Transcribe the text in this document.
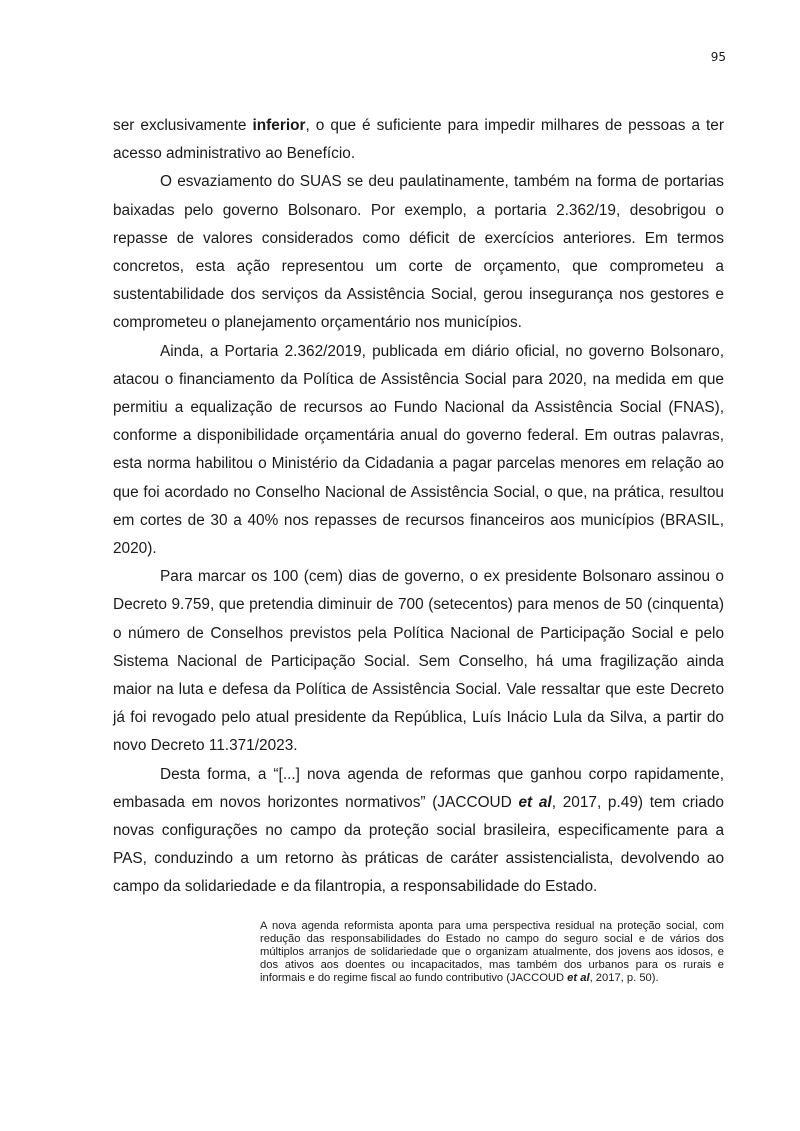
95

ser exclusivamente inferior, o que é suficiente para impedir milhares de pessoas a ter acesso administrativo ao Benefício.

O esvaziamento do SUAS se deu paulatinamente, também na forma de portarias baixadas pelo governo Bolsonaro. Por exemplo, a portaria 2.362/19, desobrigou o repasse de valores considerados como déficit de exercícios anteriores. Em termos concretos, esta ação representou um corte de orçamento, que comprometeu a sustentabilidade dos serviços da Assistência Social, gerou insegurança nos gestores e comprometeu o planejamento orçamentário nos municípios.

Ainda, a Portaria 2.362/2019, publicada em diário oficial, no governo Bolsonaro, atacou o financiamento da Política de Assistência Social para 2020, na medida em que permitiu a equalização de recursos ao Fundo Nacional da Assistência Social (FNAS), conforme a disponibilidade orçamentária anual do governo federal. Em outras palavras, esta norma habilitou o Ministério da Cidadania a pagar parcelas menores em relação ao que foi acordado no Conselho Nacional de Assistência Social, o que, na prática, resultou em cortes de 30 a 40% nos repasses de recursos financeiros aos municípios (BRASIL, 2020).

Para marcar os 100 (cem) dias de governo, o ex presidente Bolsonaro assinou o Decreto 9.759, que pretendia diminuir de 700 (setecentos) para menos de 50 (cinquenta) o número de Conselhos previstos pela Política Nacional de Participação Social e pelo Sistema Nacional de Participação Social. Sem Conselho, há uma fragilização ainda maior na luta e defesa da Política de Assistência Social. Vale ressaltar que este Decreto já foi revogado pelo atual presidente da República, Luís Inácio Lula da Silva, a partir do novo Decreto 11.371/2023.

Desta forma, a “[...] nova agenda de reformas que ganhou corpo rapidamente, embasada em novos horizontes normativos” (JACCOUD et al, 2017, p.49) tem criado novas configurações no campo da proteção social brasileira, especificamente para a PAS, conduzindo a um retorno às práticas de caráter assistencialista, devolvendo ao campo da solidariedade e da filantropia, a responsabilidade do Estado.

A nova agenda reformista aponta para uma perspectiva residual na proteção social, com redução das responsabilidades do Estado no campo do seguro social e de vários dos múltiplos arranjos de solidariedade que o organizam atualmente, dos jovens aos idosos, e dos ativos aos doentes ou incapacitados, mas também dos urbanos para os rurais e informais e do regime fiscal ao fundo contributivo (JACCOUD et al, 2017, p. 50).
